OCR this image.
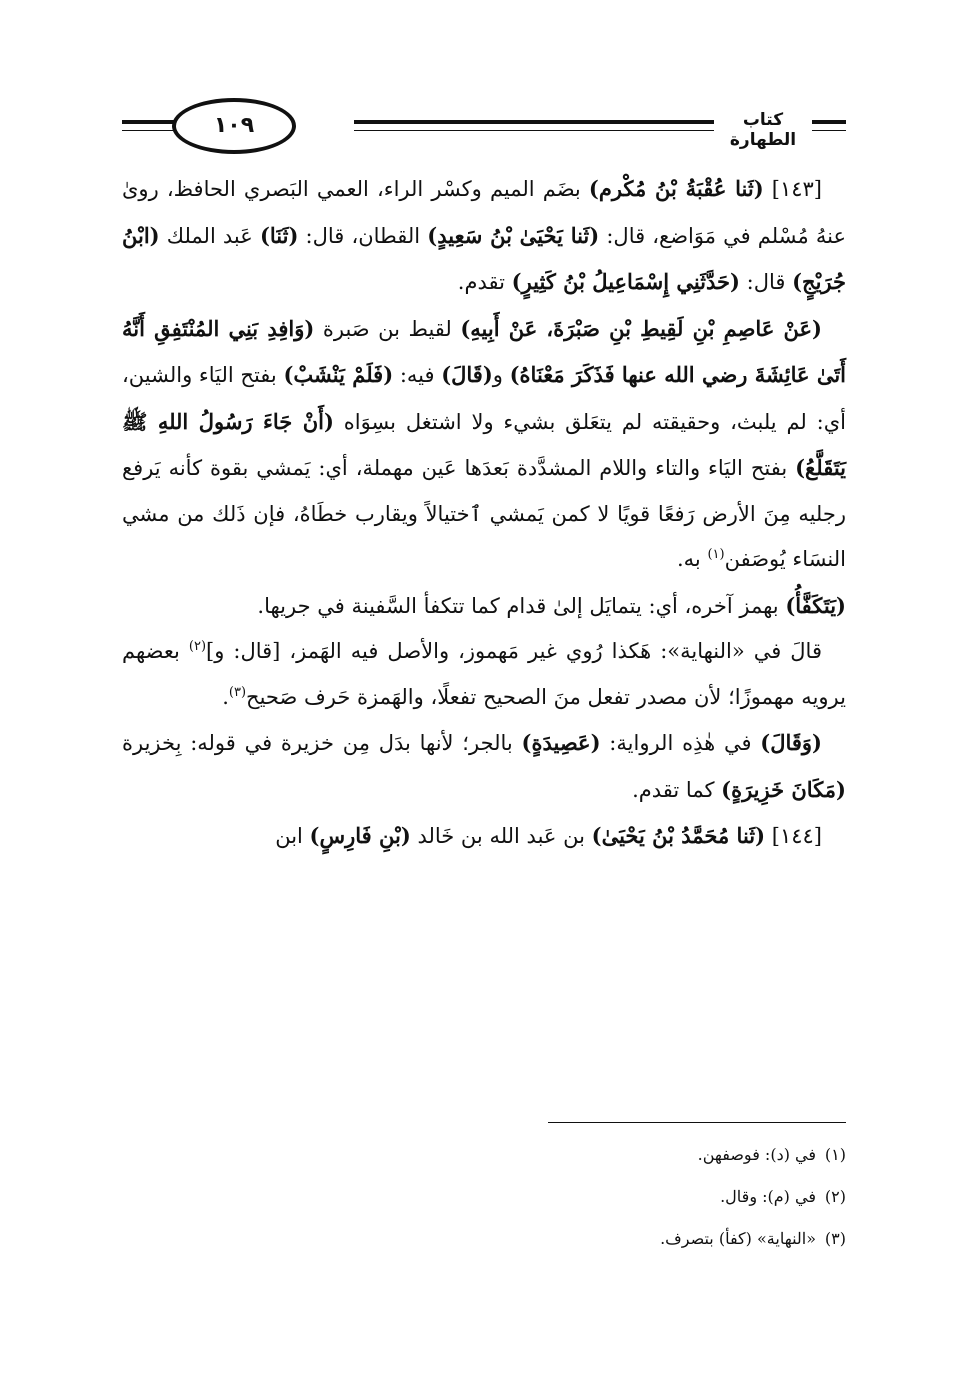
كتاب الطهارة
١٠٩

[١٤٣] (ثَنا عُقْبَةُ بْنُ مُكْرم) بضَم الميم وكسْر الراء، العمي البَصري الحافظ، روىٰ عنهُ مُسْلم في مَوَاضع، قال: (ثَنا يَحْيَىٰ بْنُ سَعِيدٍ) القطان، قال: (ثَنَا) عَبد الملك (ابْنُ جُرَيْجٍ) قال: (حَدَّثَنِي إِسْمَاعِيلُ بْنُ كَثِيرٍ) تقدم.

(عَنْ عَاصِمِ بْنِ لَقِيطِ بْنِ صَبْرَةَ، عَنْ أَبِيهِ) لقيط بن صَبرة (وَافِدِ بَنِي المُنْتَفِقِ أَنَّهُ أَتَىٰ عَائِشَةَ رضي الله عنها فَذَكَرَ مَعْنَاهُ) و(قَالَ) فيه: (فَلَمْ يَنْشَبْ) بفتح اليَاء والشين، أي: لم يلبث، وحقيقته لم يتعَلق بشيء ولا اشتغل بسِوَاه (أَنْ جَاءَ رَسُولُ اللهِ ﷺ يَتَقَلَّعُ) بفتح اليَاء والتاء واللام المشدَّدة بَعدَها عَين مهملة، أي: يَمشي بقوة كأنه يَرفع رجليه مِنَ الأرض رَفعًا قويًا لا كمن يَمشي ٱختيالاً ويقارب خطَاهُ، فإن ذَلك من مشي النسَاء يُوصَفن$^{(١)}$ به.

(يَتَكَفَّأُ) بهمز آخره، أي: يتمايَل إلىٰ قدام كما تتكفأ السَّفينة في جريها.

قالَ في «النهاية»: هَكذا رُوي غير مَهموز، والأصل فيه الهَمز، [قال: و]$^{(٢)}$ بعضهم يرويه مهموزًا؛ لأن مصدر تفعل منَ الصحيح تفعلًا، والهَمزة حَرف صَحيح$^{(٣)}$.

(وَقَالَ) في هٰذِه الرواية: (عَصِيدَةٍ) بالجر؛ لأنها بدَل مِن خزيرة في قوله: بِخزيرة (مَكَانَ خَزِيرَةٍ) كما تقدم.

[١٤٤] (ثَنا مُحَمَّدُ بْنُ يَحْيَىٰ) بن عَبد الله بن خَالد (بْنِ فَارِسٍ) ابن

(١)في (د): فوصفهن.
(٢)في (م): وقال.
(٣)«النهاية» (كفأ) بتصرف.
